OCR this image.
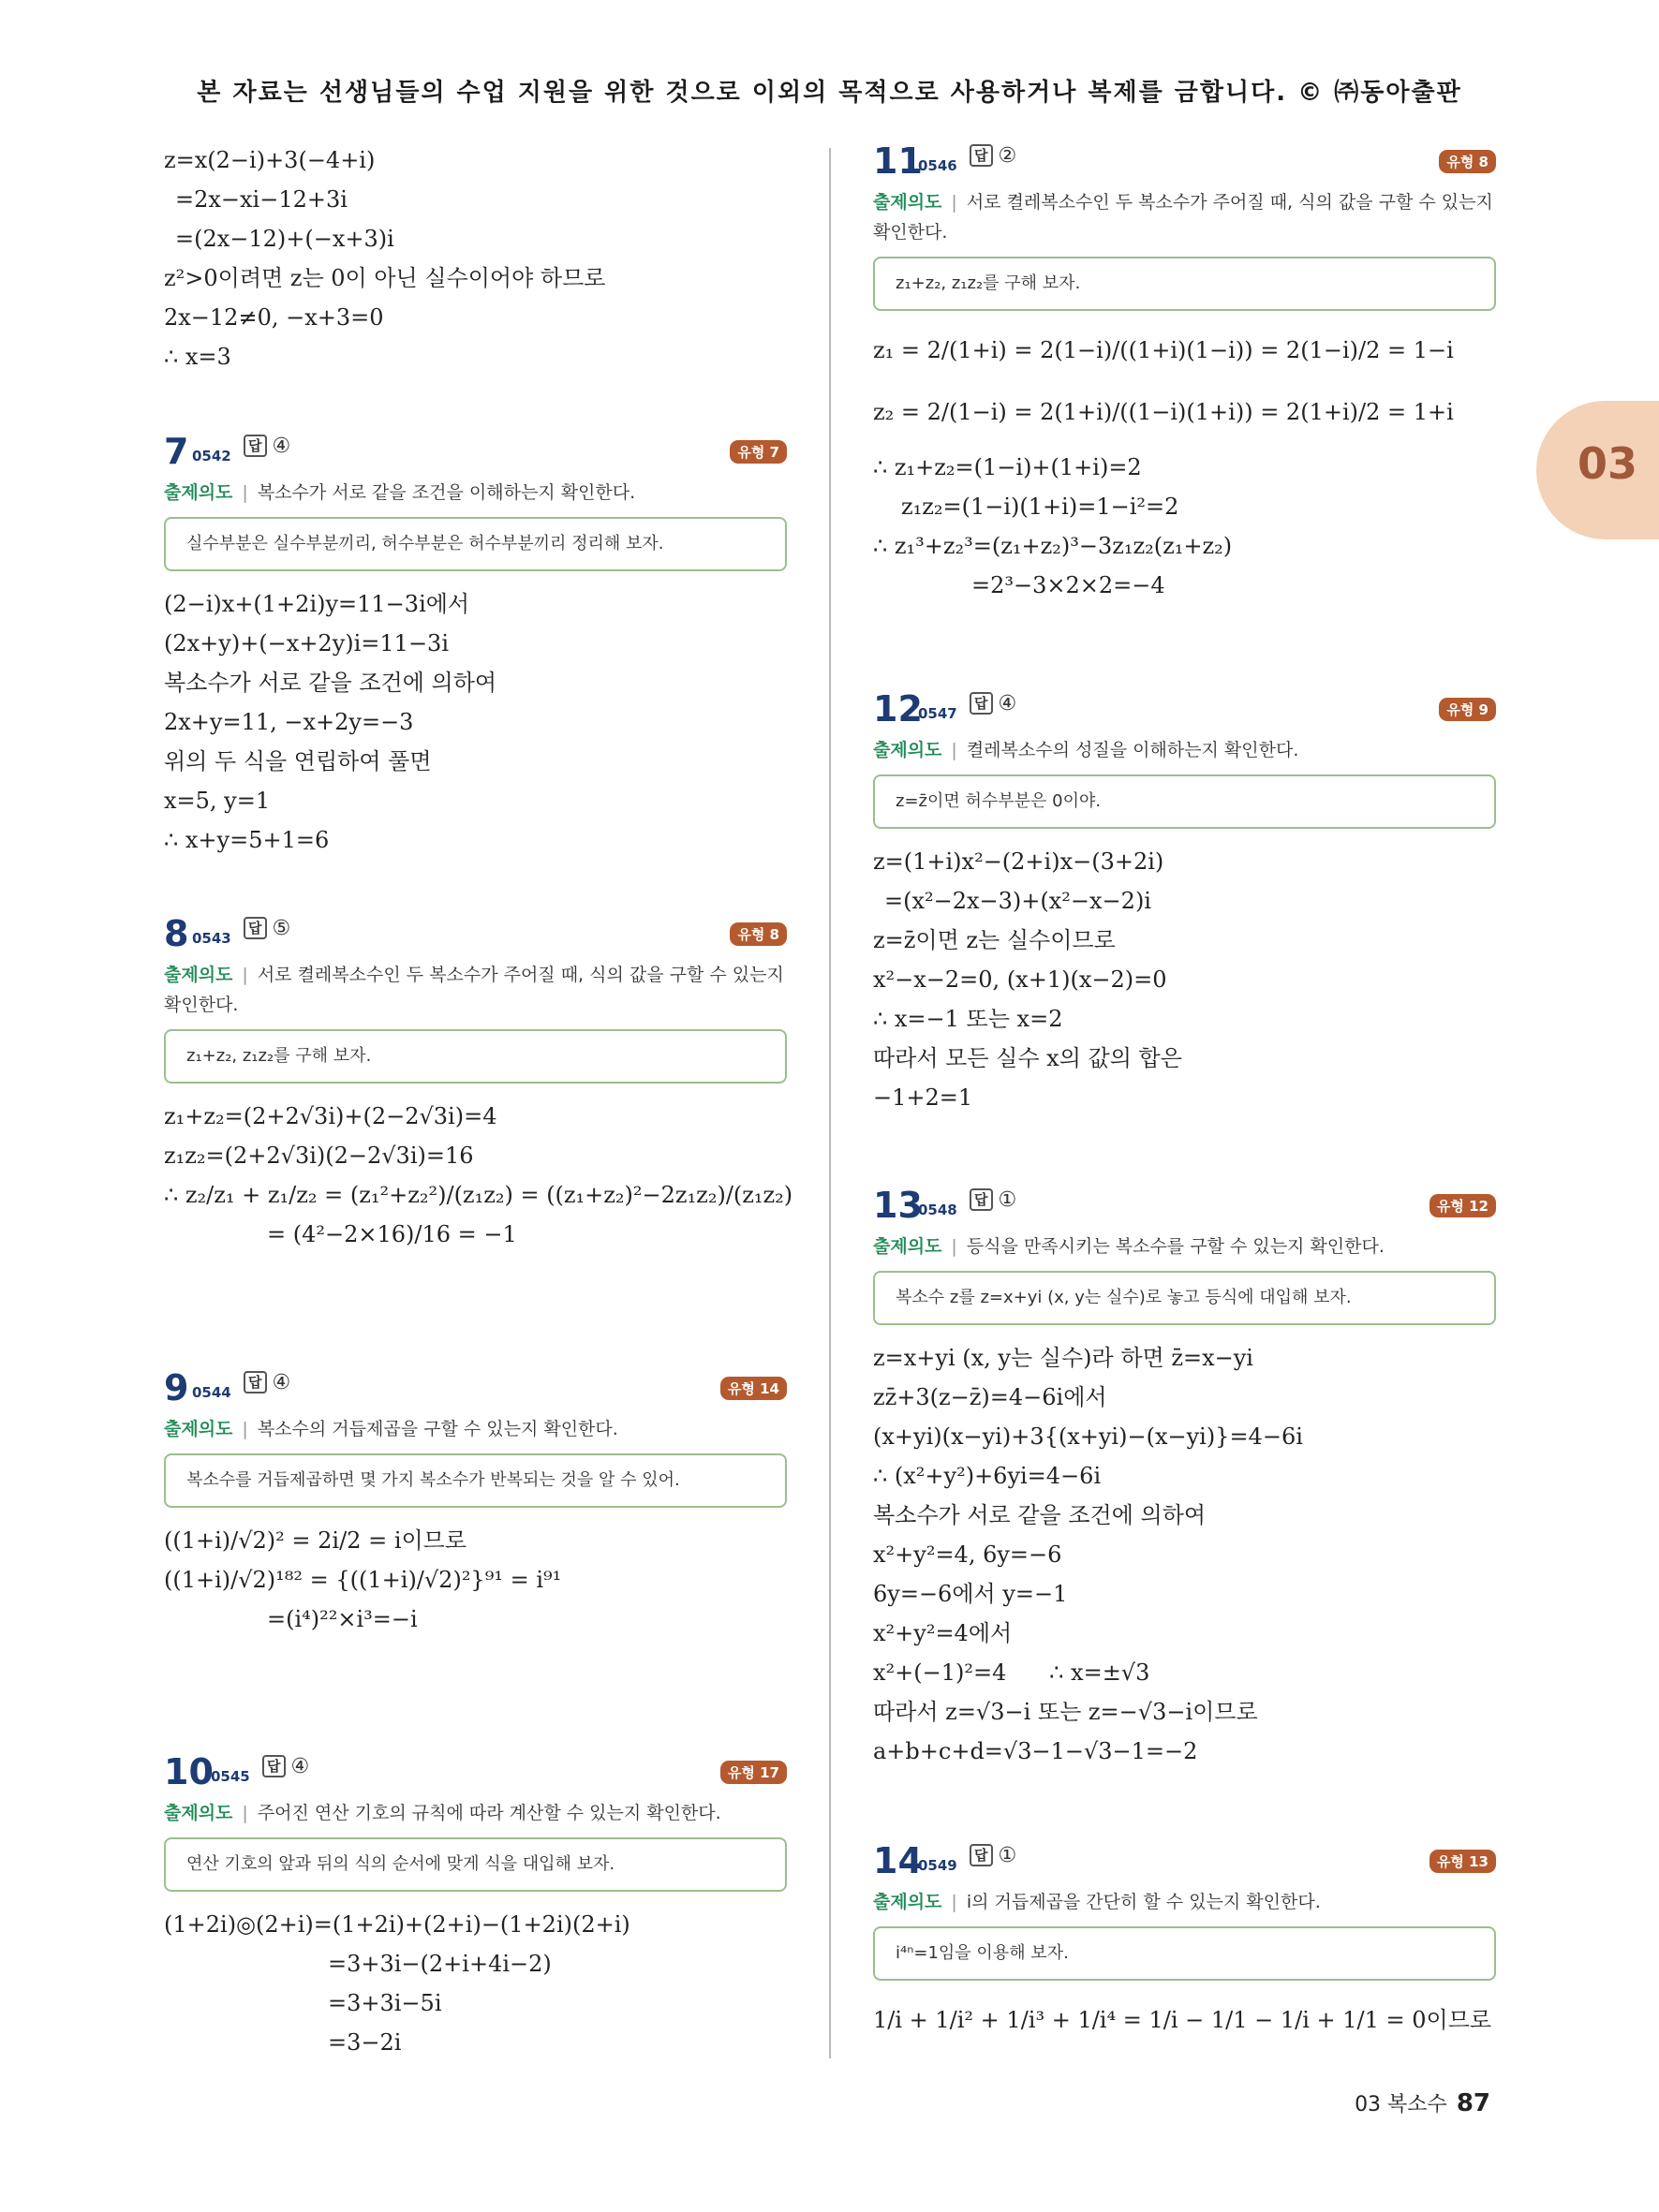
본 자료는 선생님들의 수업 지원을 위한 것으로 이외의 목적으로 사용하거나 복제를 금합니다. © ㈜동아출판
03
z=x(2−i)+3(−4+i)
=2x−xi−12+3i
=(2x−12)+(−x+3)i
z²>0이려면 z는 0이 아닌 실수이어야 하므로
2x−12≠0, −x+3=0
∴ x=3
7 0542
답 ④	유형 7
출제의도 | 복소수가 서로 같을 조건을 이해하는지 확인한다.
실수부분은 실수부분끼리, 허수부분은 허수부분끼리 정리해 보자.
(2−i)x+(1+2i)y=11−3i에서
(2x+y)+(−x+2y)i=11−3i
복소수가 서로 같을 조건에 의하여
2x+y=11, −x+2y=−3
위의 두 식을 연립하여 풀면
x=5, y=1
∴ x+y=5+1=6
8 0543
답 ⑤	유형 8
출제의도 | 서로 켤레복소수인 두 복소수가 주어질 때, 식의 값을 구할 수 있는지 확인한다.
z₁+z₂, z₁z₂를 구해 보자.
z₁+z₂=(2+2√3i)+(2−2√3i)=4
z₁z₂=(2+2√3i)(2−2√3i)=16
∴ z₂/z₁ + z₁/z₂ = (z₁²+z₂²)/(z₁z₂) = ((z₁+z₂)²−2z₁z₂)/(z₁z₂)
= (4²−2×16)/16 = −1
9 0544
답 ④	유형 14
출제의도 | 복소수의 거듭제곱을 구할 수 있는지 확인한다.
복소수를 거듭제곱하면 몇 가지 복소수가 반복되는 것을 알 수 있어.
((1+i)/√2)² = 2i/2 = i이므로
((1+i)/√2)¹⁸² = {((1+i)/√2)²}⁹¹ = i⁹¹
=(i⁴)²²×i³=−i
10
0545
답 ④	유형 17
출제의도 | 주어진 연산 기호의 규칙에 따라 계산할 수 있는지 확인한다.
연산 기호의 앞과 뒤의 식의 순서에 맞게 식을 대입해 보자.
(1+2i)◎(2+i)=(1+2i)+(2+i)−(1+2i)(2+i)
=3+3i−(2+i+4i−2)
=3+3i−5i
=3−2i
11
0546
답 ②	유형 8
출제의도 | 서로 켤레복소수인 두 복소수가 주어질 때, 식의 값을 구할 수 있는지 확인한다.
z₁+z₂, z₁z₂를 구해 보자.
z₁ = 2/(1+i) = 2(1−i)/((1+i)(1−i)) = 2(1−i)/2 = 1−i
z₂ = 2/(1−i) = 2(1+i)/((1−i)(1+i)) = 2(1+i)/2 = 1+i
∴ z₁+z₂=(1−i)+(1+i)=2
z₁z₂=(1−i)(1+i)=1−i²=2
∴ z₁³+z₂³=(z₁+z₂)³−3z₁z₂(z₁+z₂)
=2³−3×2×2=−4
12
0547
답 ④	유형 9
출제의도 | 켤레복소수의 성질을 이해하는지 확인한다.
z=z̄이면 허수부분은 0이야.
z=(1+i)x²−(2+i)x−(3+2i)
=(x²−2x−3)+(x²−x−2)i
z=z̄이면 z는 실수이므로
x²−x−2=0, (x+1)(x−2)=0
∴ x=−1 또는 x=2
따라서 모든 실수 x의 값의 합은
−1+2=1
13
0548
답 ①	유형 12
출제의도 | 등식을 만족시키는 복소수를 구할 수 있는지 확인한다.
복소수 z를 z=x+yi (x, y는 실수)로 놓고 등식에 대입해 보자.
z=x+yi (x, y는 실수)라 하면 z̄=x−yi
zz̄+3(z−z̄)=4−6i에서
(x+yi)(x−yi)+3{(x+yi)−(x−yi)}=4−6i
∴ (x²+y²)+6yi=4−6i
복소수가 서로 같을 조건에 의하여
x²+y²=4, 6y=−6
6y=−6에서 y=−1
x²+y²=4에서
x²+(−1)²=4      ∴ x=±√3
따라서 z=√3−i 또는 z=−√3−i이므로
a+b+c+d=√3−1−√3−1=−2
14
0549
답 ①	유형 13
출제의도 | i의 거듭제곱을 간단히 할 수 있는지 확인한다.
i⁴ⁿ=1임을 이용해 보자.
1/i + 1/i² + 1/i³ + 1/i⁴ = 1/i − 1/1 − 1/i + 1/1 = 0이므로
03 복소수 87
